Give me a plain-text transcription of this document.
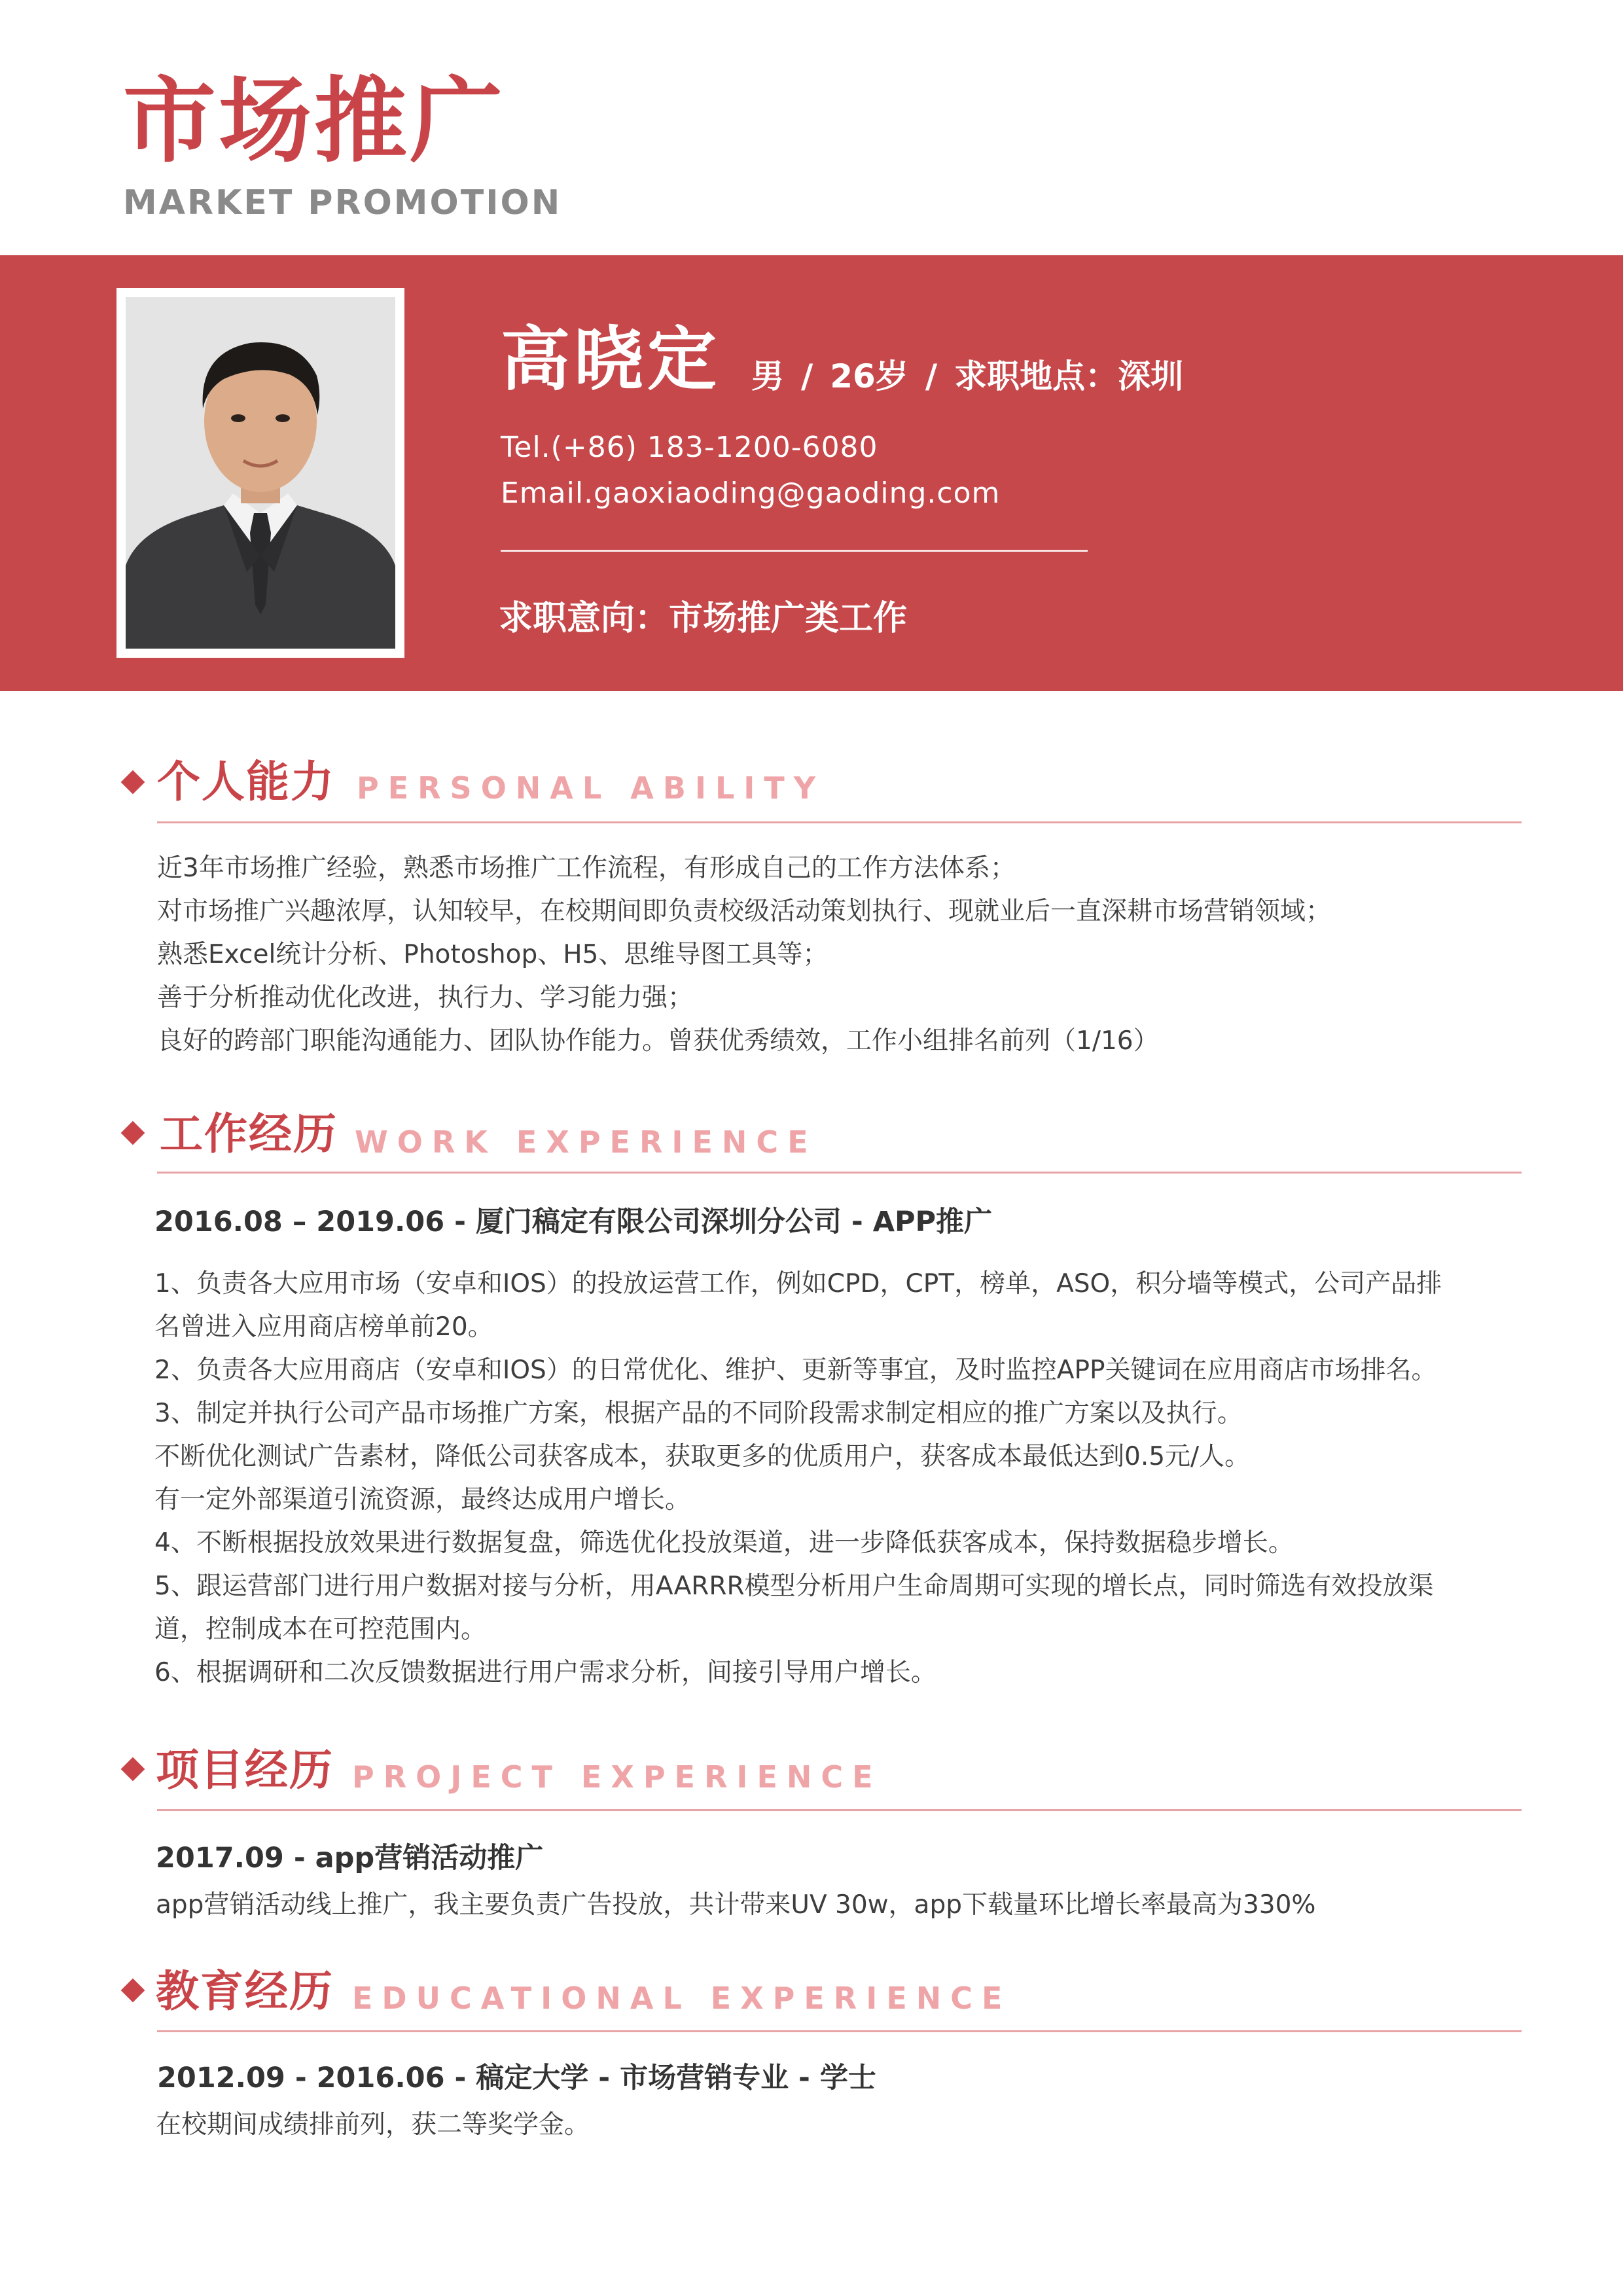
市场推广
MARKET PROMOTION
高晓定 男 / 26岁 / 求职地点：深圳
Tel.(+86) 183-1200-6080
Email.gaoxiaoding@gaoding.com
求职意向：市场推广类工作
个人能力 PERSONAL ABILITY
近3年市场推广经验，熟悉市场推广工作流程，有形成自己的工作方法体系；
对市场推广兴趣浓厚，认知较早，在校期间即负责校级活动策划执行、现就业后一直深耕市场营销领域；
熟悉Excel统计分析、Photoshop、H5、思维导图工具等；
善于分析推动优化改进，执行力、学习能力强；
良好的跨部门职能沟通能力、团队协作能力。曾获优秀绩效，工作小组排名前列（1/16）
工作经历 WORK EXPERIENCE
2016.08 – 2019.06 - 厦门稿定有限公司深圳分公司 - APP推广
1、负责各大应用市场（安卓和IOS）的投放运营工作，例如CPD，CPT，榜单，ASO，积分墙等模式，公司产品排
名曾进入应用商店榜单前20。
2、负责各大应用商店（安卓和IOS）的日常优化、维护、更新等事宜，及时监控APP关键词在应用商店市场排名。
3、制定并执行公司产品市场推广方案，根据产品的不同阶段需求制定相应的推广方案以及执行。
不断优化测试广告素材，降低公司获客成本，获取更多的优质用户，获客成本最低达到0.5元/人。
有一定外部渠道引流资源，最终达成用户增长。
4、不断根据投放效果进行数据复盘，筛选优化投放渠道，进一步降低获客成本，保持数据稳步增长。
5、跟运营部门进行用户数据对接与分析，用AARRR模型分析用户生命周期可实现的增长点，同时筛选有效投放渠
道，控制成本在可控范围内。
6、根据调研和二次反馈数据进行用户需求分析，间接引导用户增长。
项目经历 PROJECT EXPERIENCE
2017.09 - app营销活动推广
app营销活动线上推广，我主要负责广告投放，共计带来UV 30w，app下载量环比增长率最高为330%
教育经历 EDUCATIONAL EXPERIENCE
2012.09 - 2016.06 - 稿定大学 - 市场营销专业 - 学士
在校期间成绩排前列，获二等奖学金。
